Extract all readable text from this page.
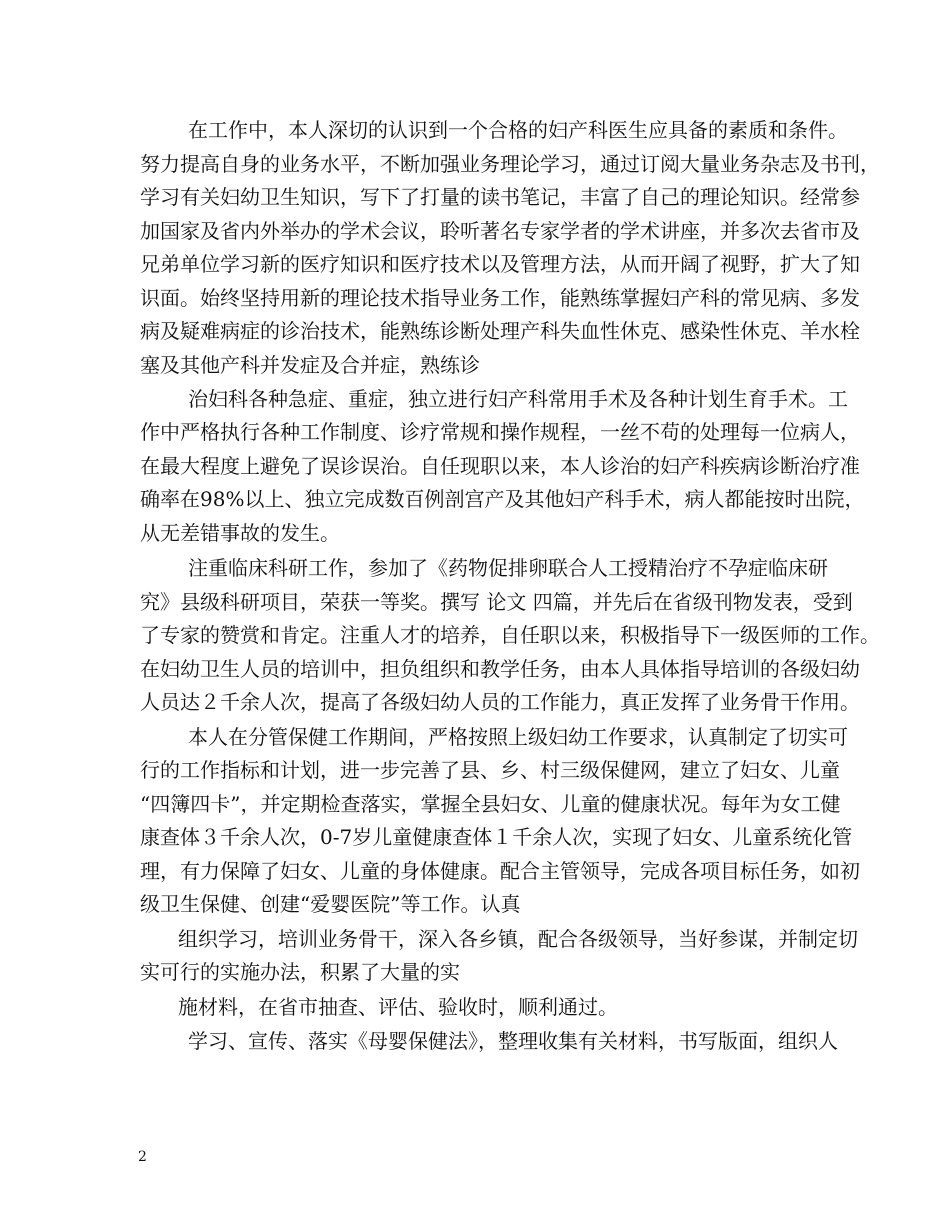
在工作中，本人深切的认识到一个合格的妇产科医生应具备的素质和条件。
努力提高自身的业务水平，不断加强业务理论学习，通过订阅大量业务杂志及书刊，
学习有关妇幼卫生知识，写下了打量的读书笔记，丰富了自己的理论知识。经常参
加国家及省内外举办的学术会议，聆听著名专家学者的学术讲座，并多次去省市及
兄弟单位学习新的医疗知识和医疗技术以及管理方法，从而开阔了视野，扩大了知
识面。始终坚持用新的理论技术指导业务工作，能熟练掌握妇产科的常见病、多发
病及疑难病症的诊治技术，能熟练诊断处理产科失血性休克、感染性休克、羊水栓
塞及其他产科并发症及合并症，熟练诊
治妇科各种急症、重症，独立进行妇产科常用手术及各种计划生育手术。工
作中严格执行各种工作制度、诊疗常规和操作规程，一丝不苟的处理每一位病人，
在最大程度上避免了误诊误治。自任现职以来，本人诊治的妇产科疾病诊断治疗准
确率在98%以上、独立完成数百例剖宫产及其他妇产科手术，病人都能按时出院，
从无差错事故的发生。
注重临床科研工作，参加了《药物促排卵联合人工授精治疗不孕症临床研
究》县级科研项目，荣获一等奖。撰写 论文 四篇，并先后在省级刊物发表，受到
了专家的赞赏和肯定。注重人才的培养，自任职以来，积极指导下一级医师的工作。
在妇幼卫生人员的培训中，担负组织和教学任务，由本人具体指导培训的各级妇幼
人员达２千余人次，提高了各级妇幼人员的工作能力，真正发挥了业务骨干作用。
本人在分管保健工作期间，严格按照上级妇幼工作要求，认真制定了切实可
行的工作指标和计划，进一步完善了县、乡、村三级保健网，建立了妇女、儿童
“四簿四卡”，并定期检查落实，掌握全县妇女、儿童的健康状况。每年为女工健
康查体３千余人次，0-7岁儿童健康查体１千余人次，实现了妇女、儿童系统化管
理，有力保障了妇女、儿童的身体健康。配合主管领导，完成各项目标任务，如初
级卫生保健、创建“爱婴医院”等工作。认真
组织学习，培训业务骨干，深入各乡镇，配合各级领导，当好参谋，并制定切
实可行的实施办法，积累了大量的实
施材料，在省市抽查、评估、验收时，顺利通过。
学习、宣传、落实《母婴保健法》，整理收集有关材料，书写版面，组织人
2
